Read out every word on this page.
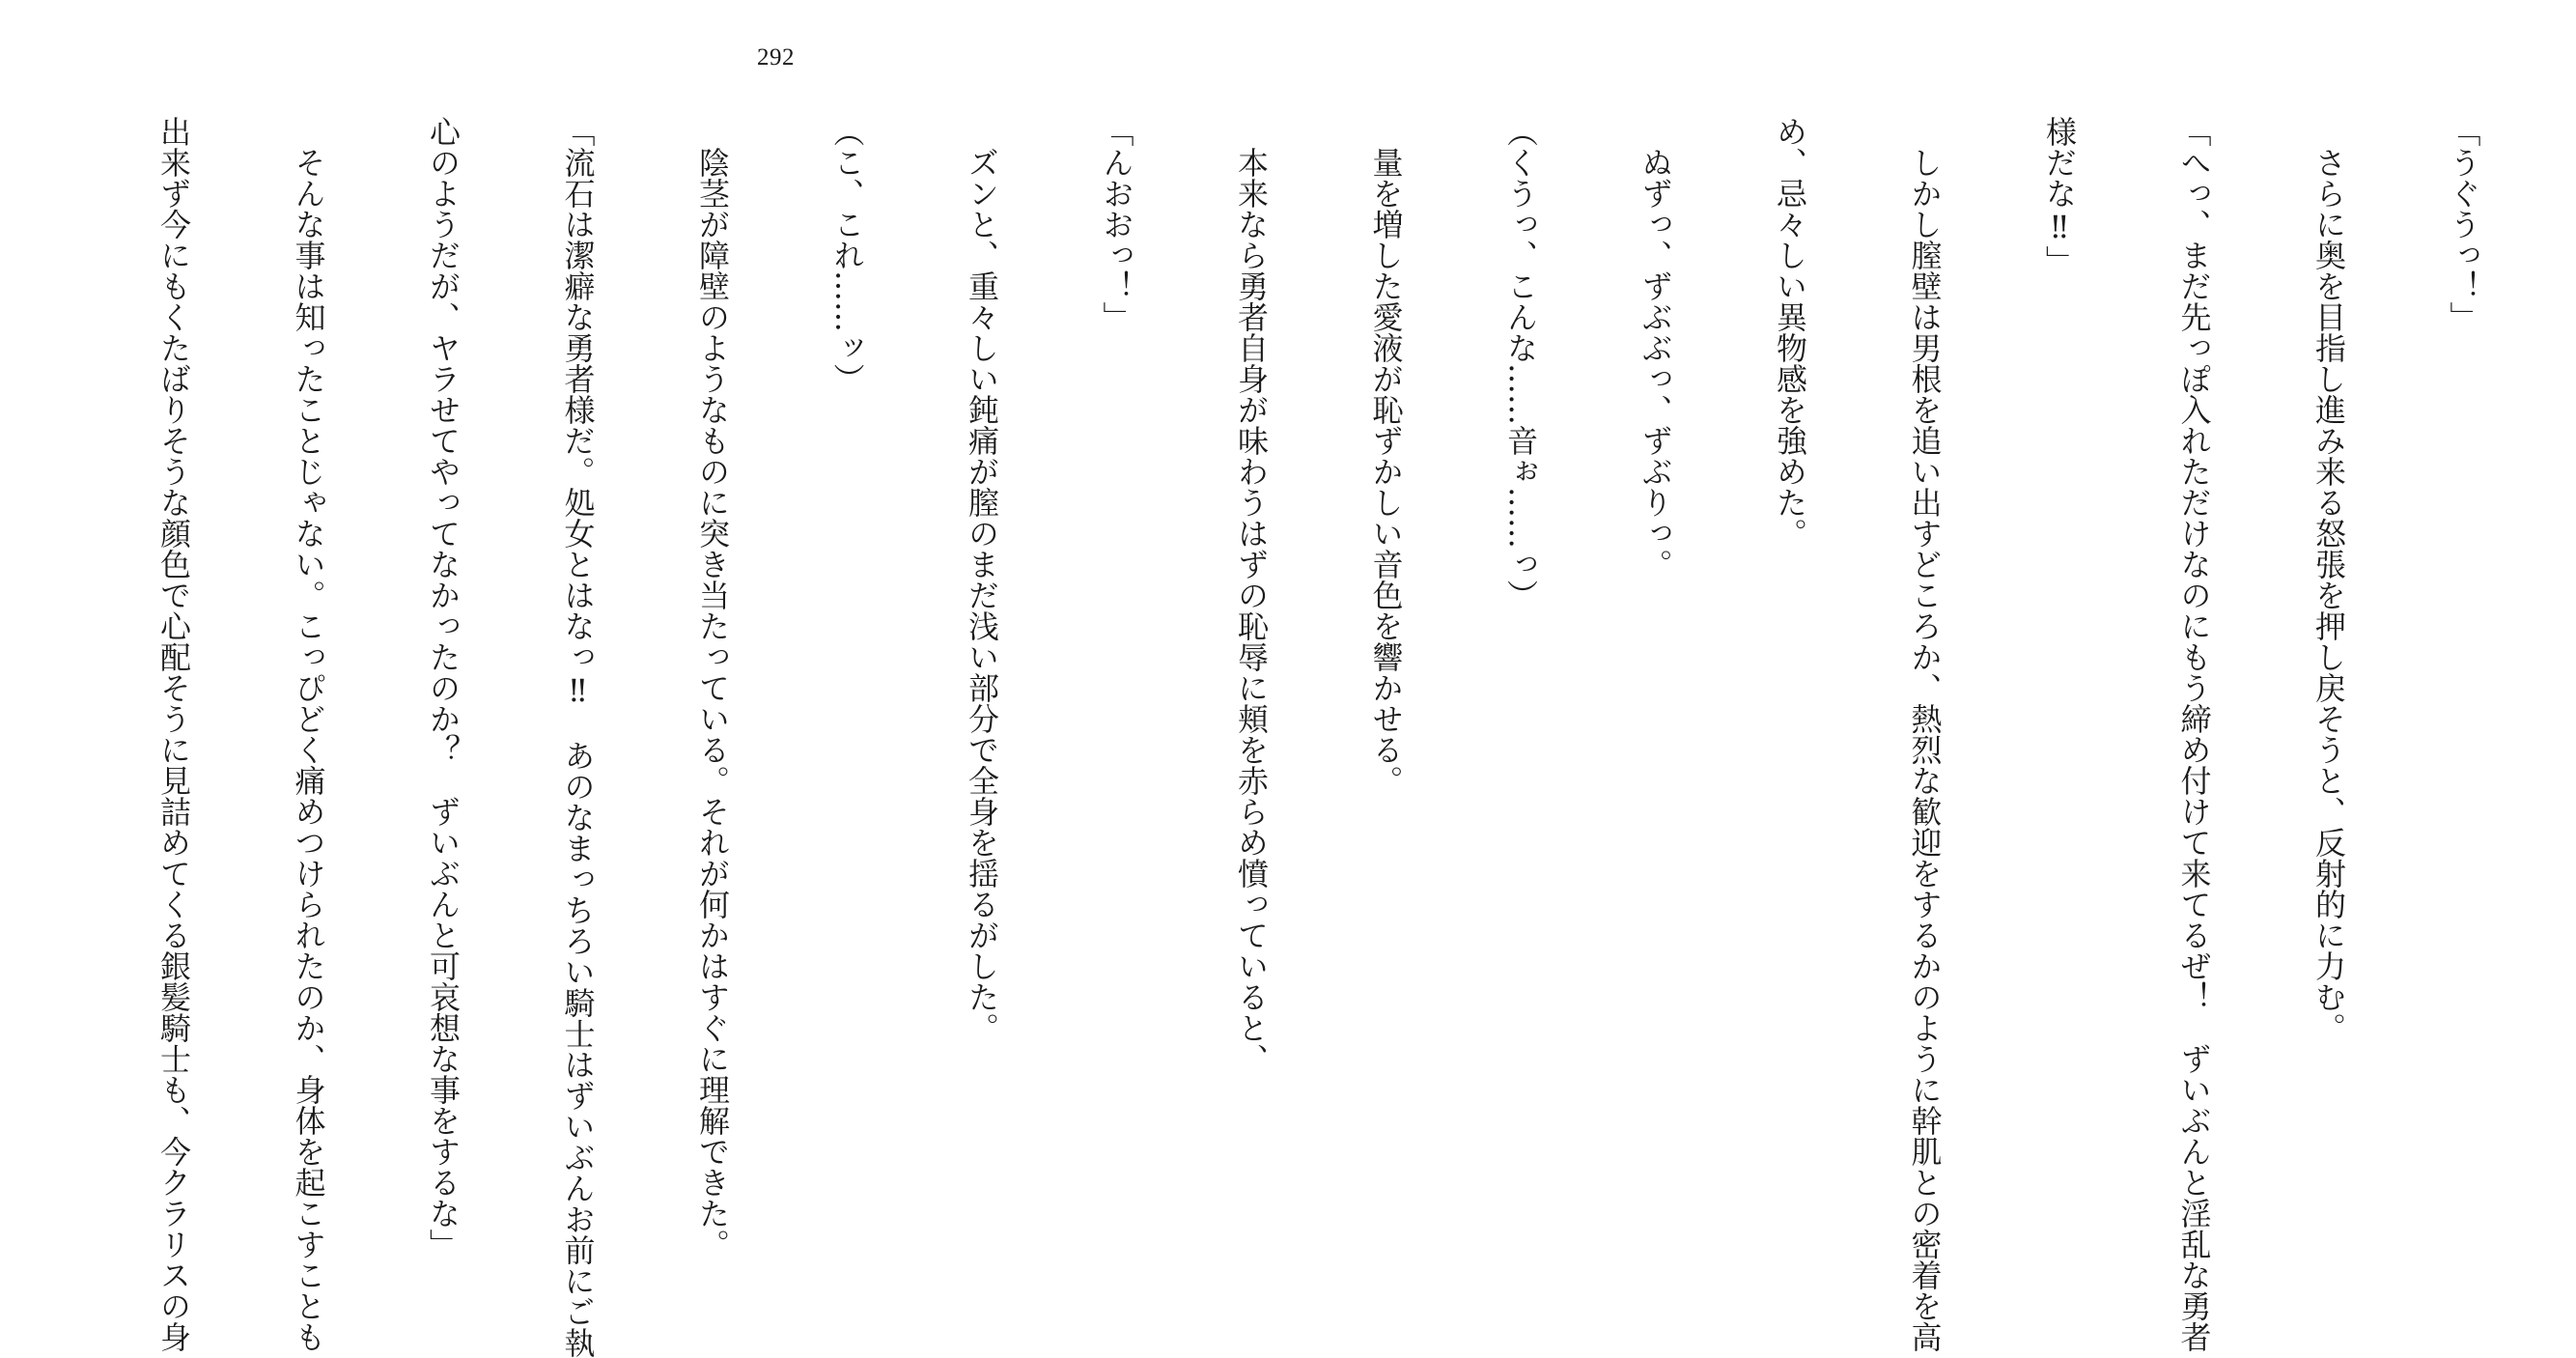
292

「うぐうっ！」

　さらに奥を目指し進み来る怒張を押し戻そうと、反射的に力む。

「へっ、まだ先っぽ入れただけなのにもう締め付けて来てるぜ！　ずいぶんと淫乱な勇者

様だな‼」

　しかし膣壁は男根を追い出すどころか、熱烈な歓迎をするかのように幹肌との密着を高

め、忌々しい異物感を強めた。

　ぬずっ、ずぶぶっ、ずぶりっ。

（くうっ、こんな……音ぉ……っ）

　量を増した愛液が恥ずかしい音色を響かせる。

　本来なら勇者自身が味わうはずの恥辱に頬を赤らめ憤っていると、

「んおおっ！」

　ズンと、重々しい鈍痛が膣のまだ浅い部分で全身を揺るがした。

（こ、これ……ッ）

　陰茎が障壁のようなものに突き当たっている。それが何かはすぐに理解できた。

「流石は潔癖な勇者様だ。処女とはなっ‼　あのなまっちろい騎士はずいぶんお前にご執

心のようだが、ヤラせてやってなかったのか？　ずいぶんと可哀想な事をするな」

　そんな事は知ったことじゃない。こっぴどく痛めつけられたのか、身体を起こすことも

出来ず今にもくたばりそうな顔色で心配そうに見詰めてくる銀髪騎士も、今クラリスの身
